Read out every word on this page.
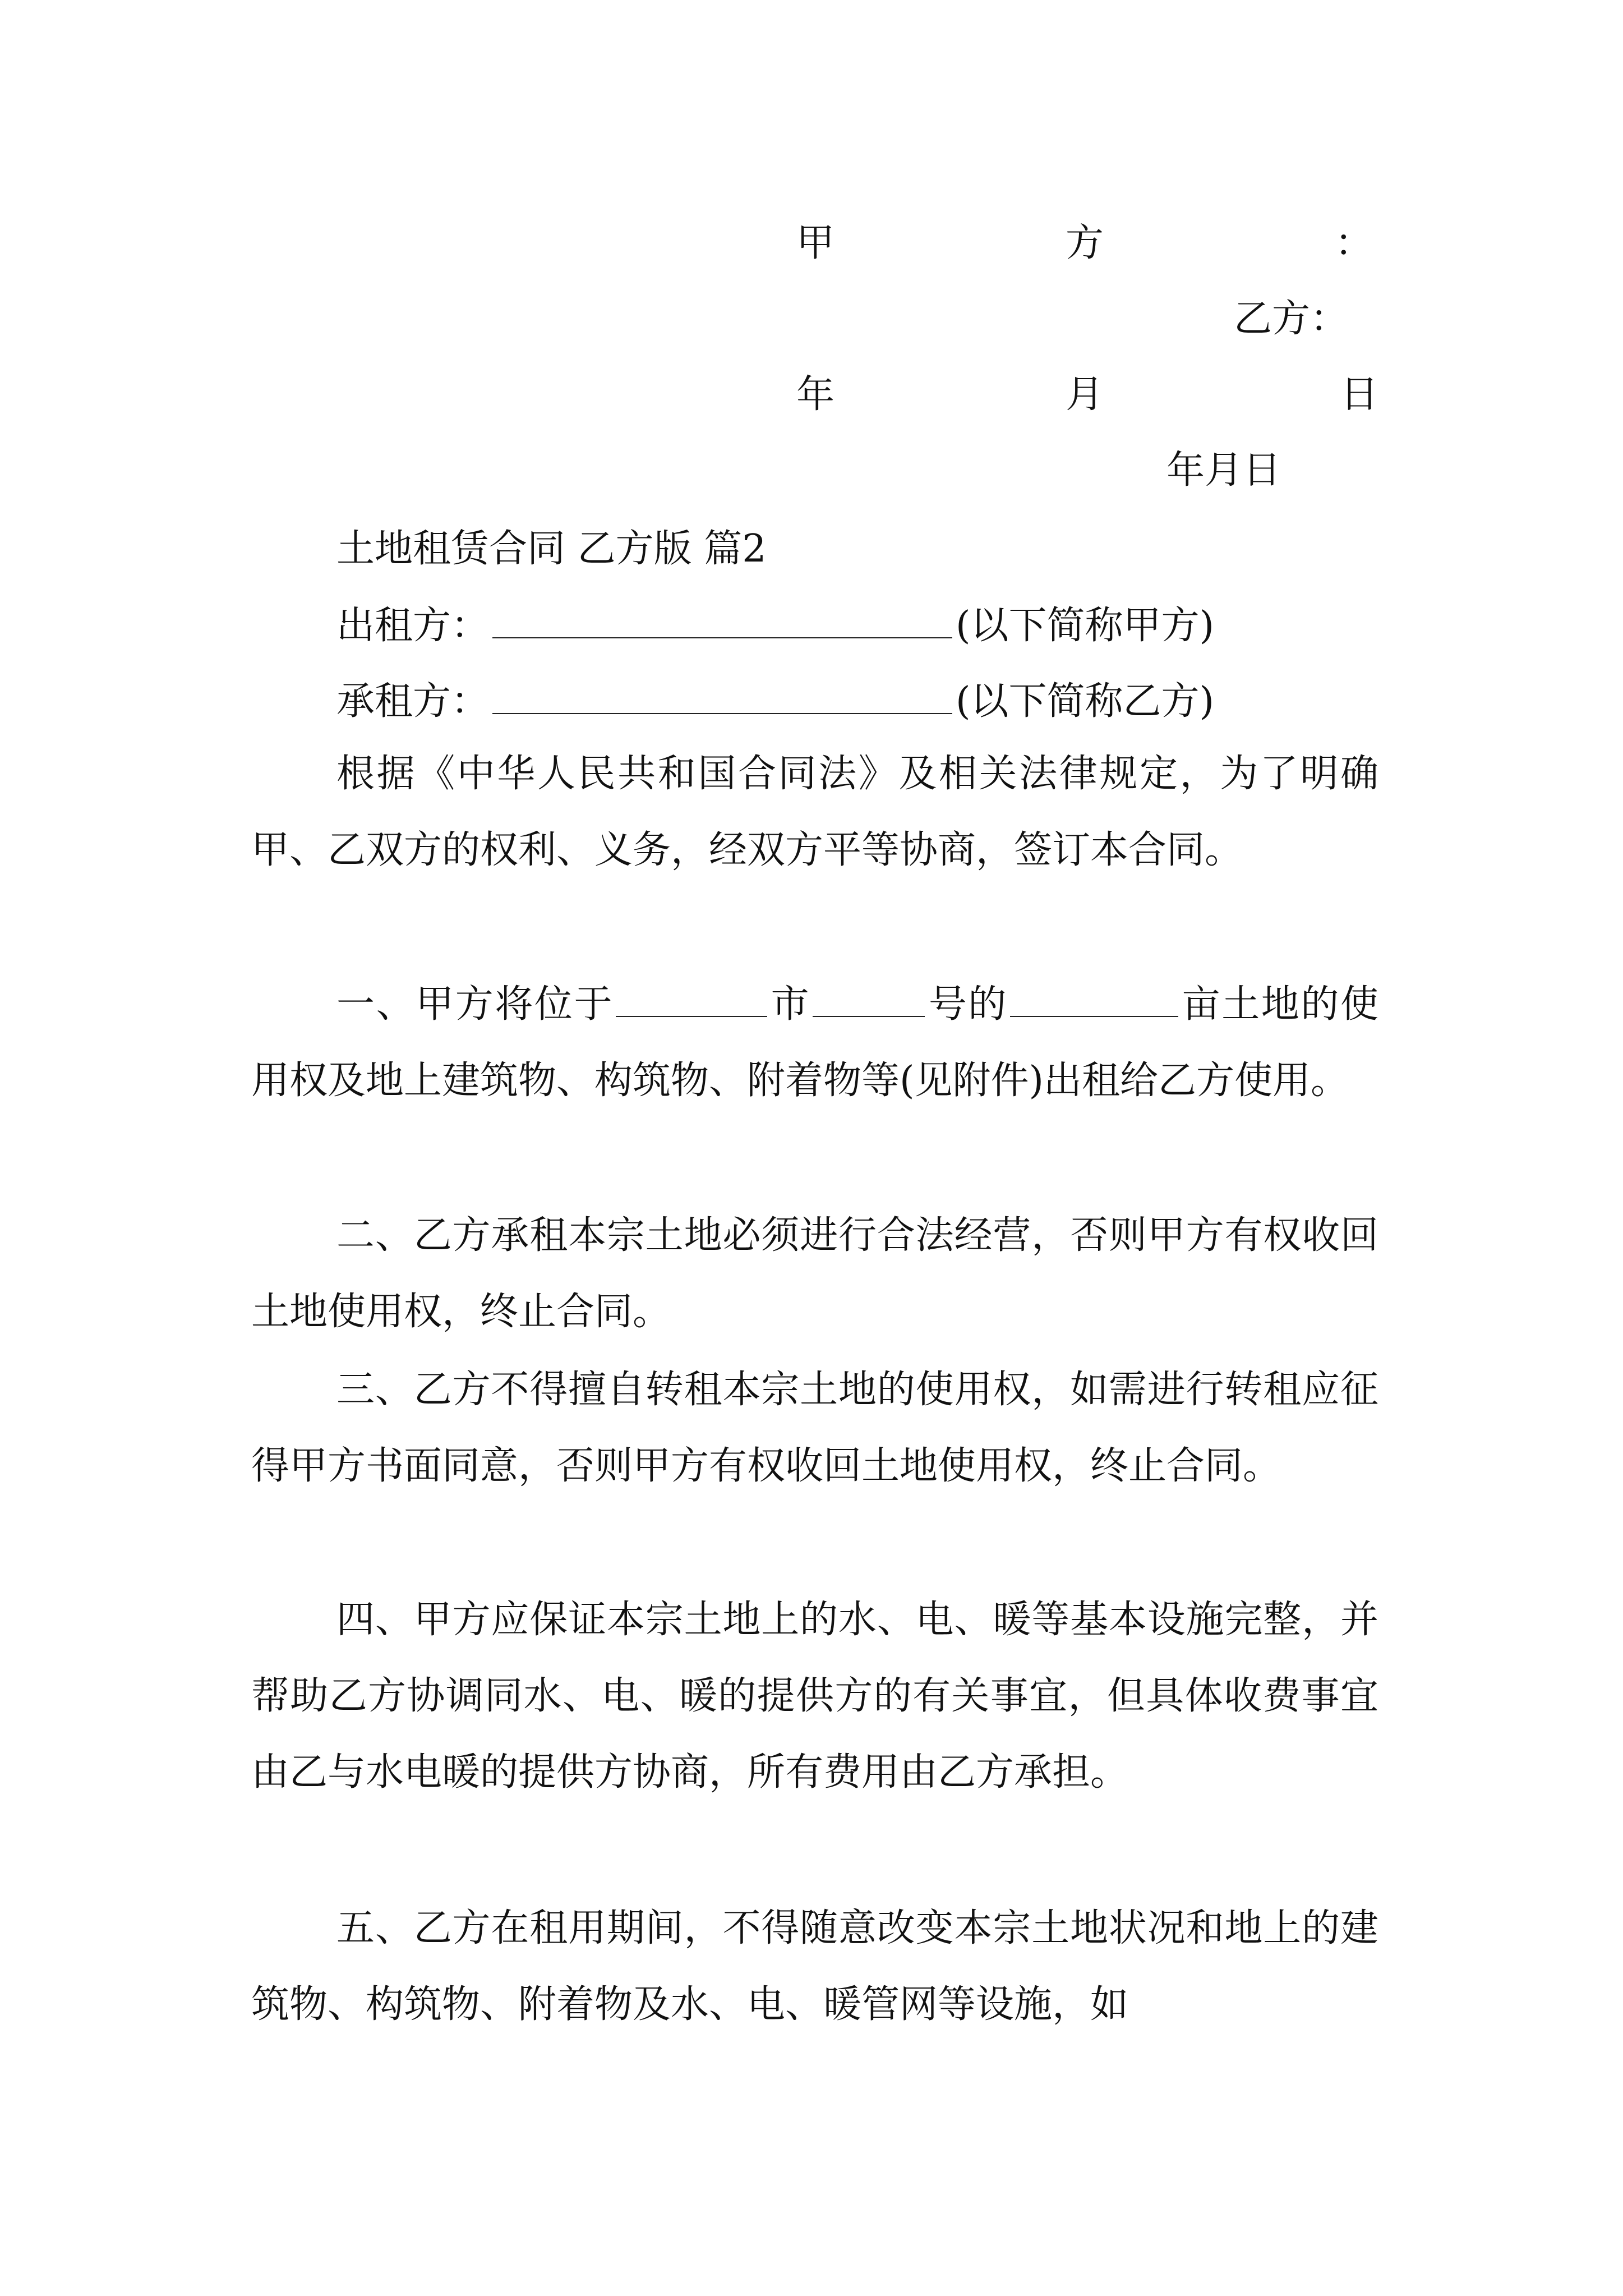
甲	方	：
乙方：
年	月	日
年月日
土地租赁合同 乙方版 篇2
出租方：	(以下简称甲方)
承租方：	(以下简称乙方)
根据《中华人民共和国合同法》及相关法律规定，为了明确甲、乙双方的权利、义务，经双方平等协商，签订本合同。
一、甲方将位于	市	号的	亩土地的使用权及地上建筑物、构筑物、附着物等(见附件)出租给乙方使用。
二、乙方承租本宗土地必须进行合法经营，否则甲方有权收回土地使用权，终止合同。
三、乙方不得擅自转租本宗土地的使用权，如需进行转租应征得甲方书面同意，否则甲方有权收回土地使用权，终止合同。
四、甲方应保证本宗土地上的水、电、暖等基本设施完整，并帮助乙方协调同水、电、暖的提供方的有关事宜，但具体收费事宜由乙与水电暖的提供方协商，所有费用由乙方承担。
五、乙方在租用期间，不得随意改变本宗土地状况和地上的建筑物、构筑物、附着物及水、电、暖管网等设施，如
